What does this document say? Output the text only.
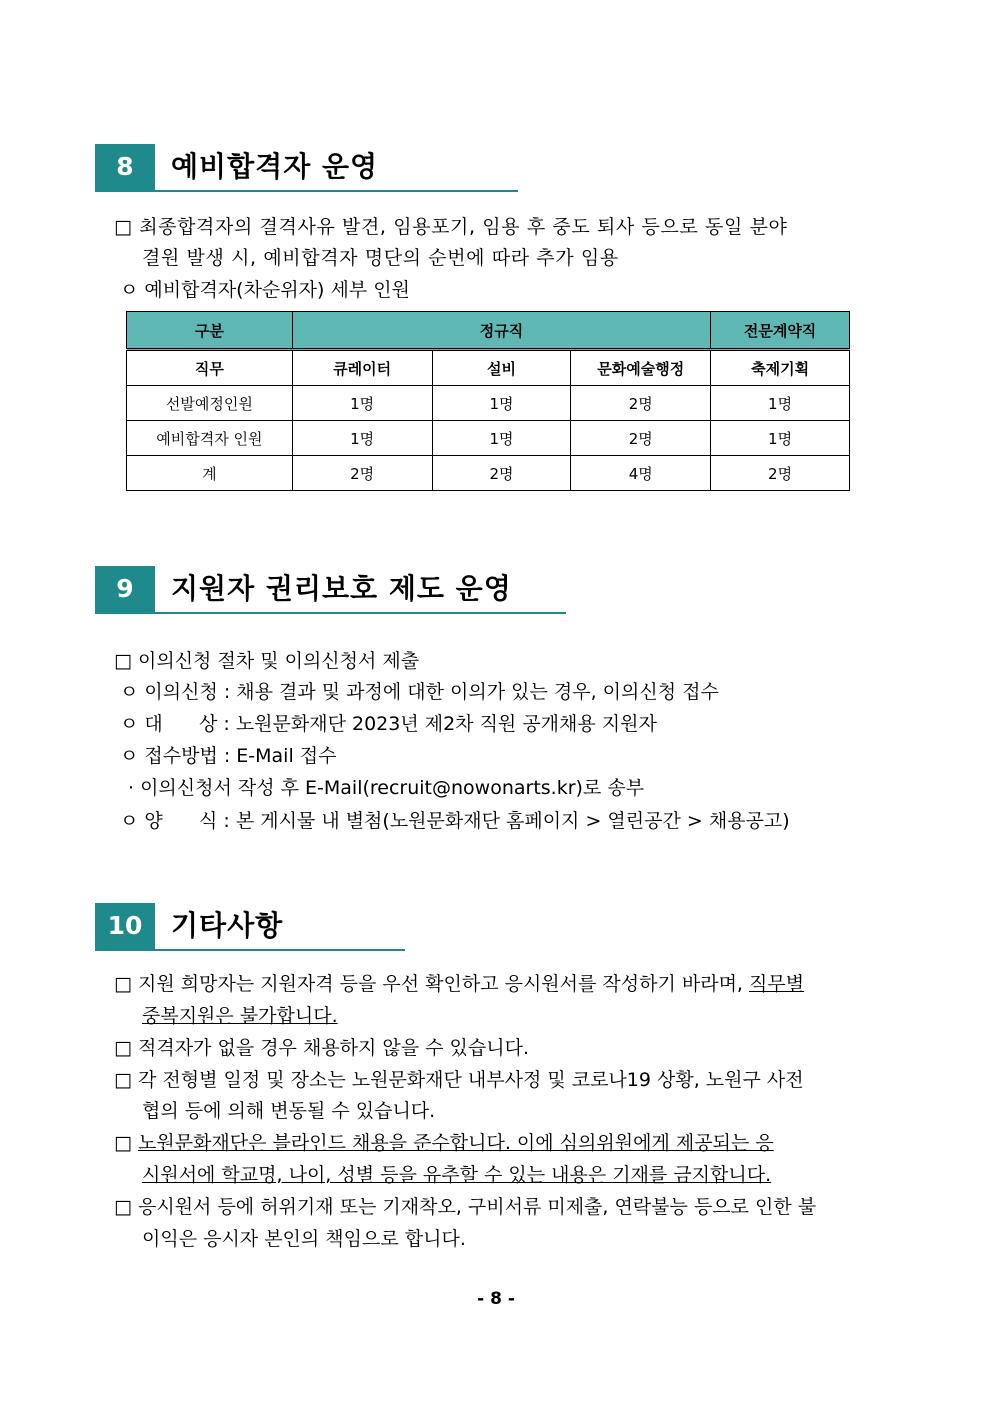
8	예비합격자 운영
□ 최종합격자의 결격사유 발견, 임용포기, 임용 후 중도 퇴사 등으로 동일 분야
결원 발생 시, 예비합격자 명단의 순번에 따라 추가 임용
ㅇ 예비합격자(차순위자) 세부 인원
구분	정규직			전문계약직
직무	큐레이터	설비	문화예술행정	축제기획
선발예정인원	1명	1명	2명	1명
예비합격자 인원	1명	1명	2명	1명
계	2명	2명	4명	2명
9	지원자 권리보호 제도 운영
□ 이의신청 절차 및 이의신청서 제출
ㅇ 이의신청 : 채용 결과 및 과정에 대한 이의가 있는 경우, 이의신청 접수
ㅇ 대      상 : 노원문화재단 2023년 제2차 직원 공개채용 지원자
ㅇ 접수방법 : E-Mail 접수
· 이의신청서 작성 후 E-Mail(recruit@nowonarts.kr)로 송부
ㅇ 양      식 : 본 게시물 내 별첨(노원문화재단 홈페이지 > 열린공간 > 채용공고)
10	기타사항
□ 지원 희망자는 지원자격 등을 우선 확인하고 응시원서를 작성하기 바라며, 직무별
중복지원은 불가합니다.
□ 적격자가 없을 경우 채용하지 않을 수 있습니다.
□ 각 전형별 일정 및 장소는 노원문화재단 내부사정 및 코로나19 상황, 노원구 사전
협의 등에 의해 변동될 수 있습니다.
□ 노원문화재단은 블라인드 채용을 준수합니다. 이에 심의위원에게 제공되는 응
시원서에 학교명, 나이, 성별 등을 유추할 수 있는 내용은 기재를 금지합니다.
□ 응시원서 등에 허위기재 또는 기재착오, 구비서류 미제출, 연락불능 등으로 인한 불
이익은 응시자 본인의 책임으로 합니다.
- 8 -
